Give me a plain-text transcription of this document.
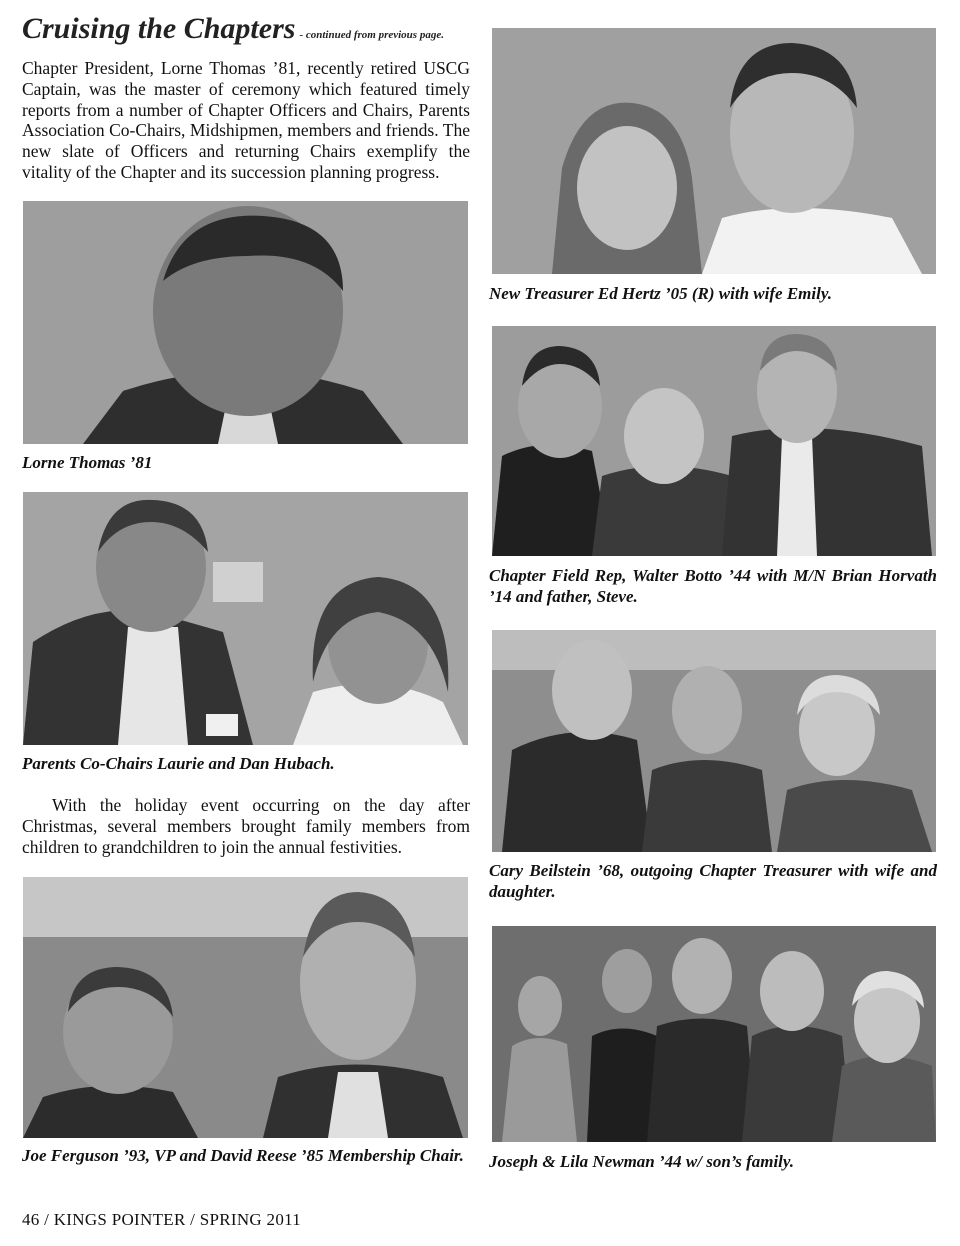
Cruising the Chapters - continued from previous page.
Chapter President, Lorne Thomas ’81, recently retired USCG Captain, was the master of ceremony which featured timely reports from a number of Chapter Officers and Chairs, Parents Association Co-Chairs, Midshipmen, members and friends. The new slate of Officers and returning Chairs exemplify the vitality of the Chapter and its succession planning progress.
Lorne Thomas ’81
Parents Co-Chairs Laurie and Dan Hubach.
With the holiday event occurring on the day after Christmas, several members brought family members from children to grandchildren to join the annual festivities.
Joe Ferguson ’93, VP and David Reese ’85 Membership Chair.
New Treasurer Ed Hertz ’05 (R) with wife Emily.
Chapter Field Rep, Walter Botto ’44 with M/N Brian Horvath ’14 and father, Steve.
Cary Beilstein ’68, outgoing Chapter Treasurer with wife and daughter.
Joseph & Lila Newman ’44 w/ son’s family.
46 / KINGS POINTER / SPRING 2011
